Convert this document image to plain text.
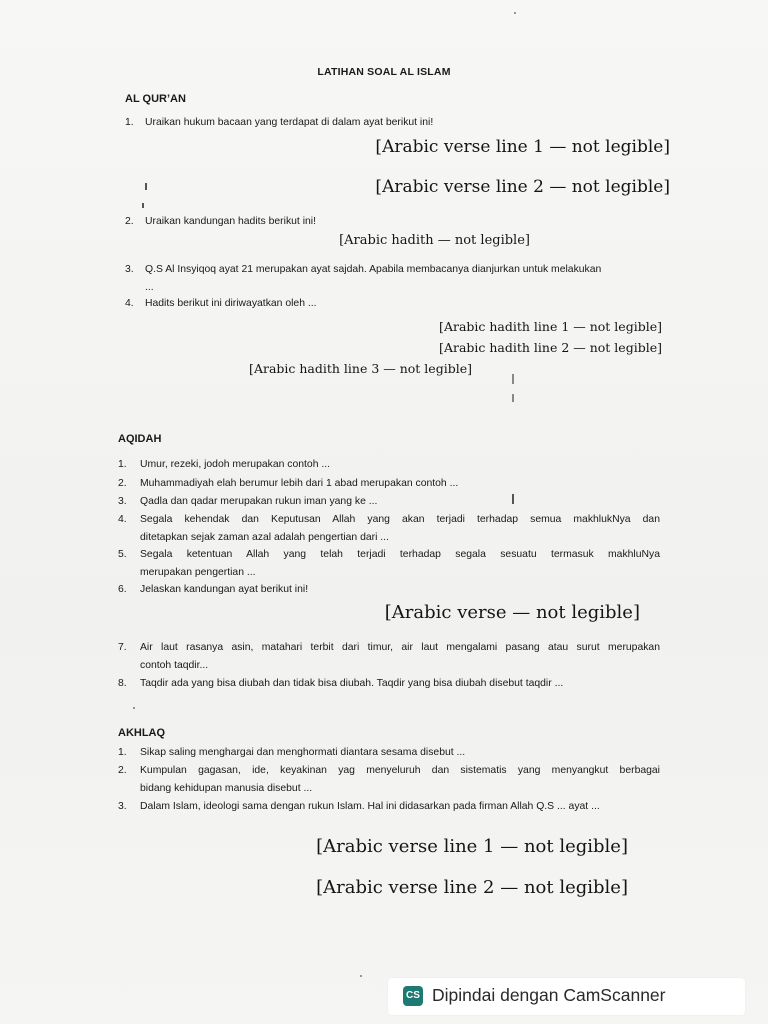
LATIHAN SOAL AL ISLAM
AL QUR’AN
1.	Uraikan hukum bacaan yang terdapat di dalam ayat berikut ini!
[Arabic verse line 1 — not legible]
[Arabic verse line 2 — not legible]
2.	Uraikan kandungan hadits berikut ini!
[Arabic hadith — not legible]
3.	Q.S Al Insyiqoq ayat 21 merupakan ayat sajdah. Apabila membacanya dianjurkan untuk melakukan
...
4.	Hadits berikut ini diriwayatkan oleh ...
[Arabic hadith line 1 — not legible]
[Arabic hadith line 2 — not legible]
[Arabic hadith line 3 — not legible]
AQIDAH
1.	Umur, rezeki, jodoh merupakan contoh ...
2.	Muhammadiyah elah berumur lebih dari 1 abad merupakan contoh ...
3.	Qadla dan qadar merupakan rukun iman yang ke ...
4.	Segala kehendak dan Keputusan Allah yang akan terjadi terhadap semua makhlukNya dan
ditetapkan sejak zaman azal adalah pengertian dari ...
5.	Segala ketentuan Allah yang telah terjadi terhadap segala sesuatu termasuk makhluNya
merupakan pengertian ...
6.	Jelaskan kandungan ayat berikut ini!
[Arabic verse — not legible]
7.	Air laut rasanya asin, matahari terbit dari timur, air laut mengalami pasang atau surut merupakan
contoh taqdir...
8.	Taqdir ada yang bisa diubah dan tidak bisa diubah. Taqdir yang bisa diubah disebut taqdir ...
AKHLAQ
1.	Sikap saling menghargai dan menghormati diantara sesama disebut ...
2.	Kumpulan gagasan, ide, keyakinan yag menyeluruh dan sistematis yang menyangkut berbagai
bidang kehidupan manusia disebut ...
3.	Dalam Islam, ideologi sama dengan rukun Islam. Hal ini didasarkan pada firman Allah Q.S ... ayat ...
[Arabic verse line 1 — not legible]
[Arabic verse line 2 — not legible]
CS Dipindai dengan CamScanner
